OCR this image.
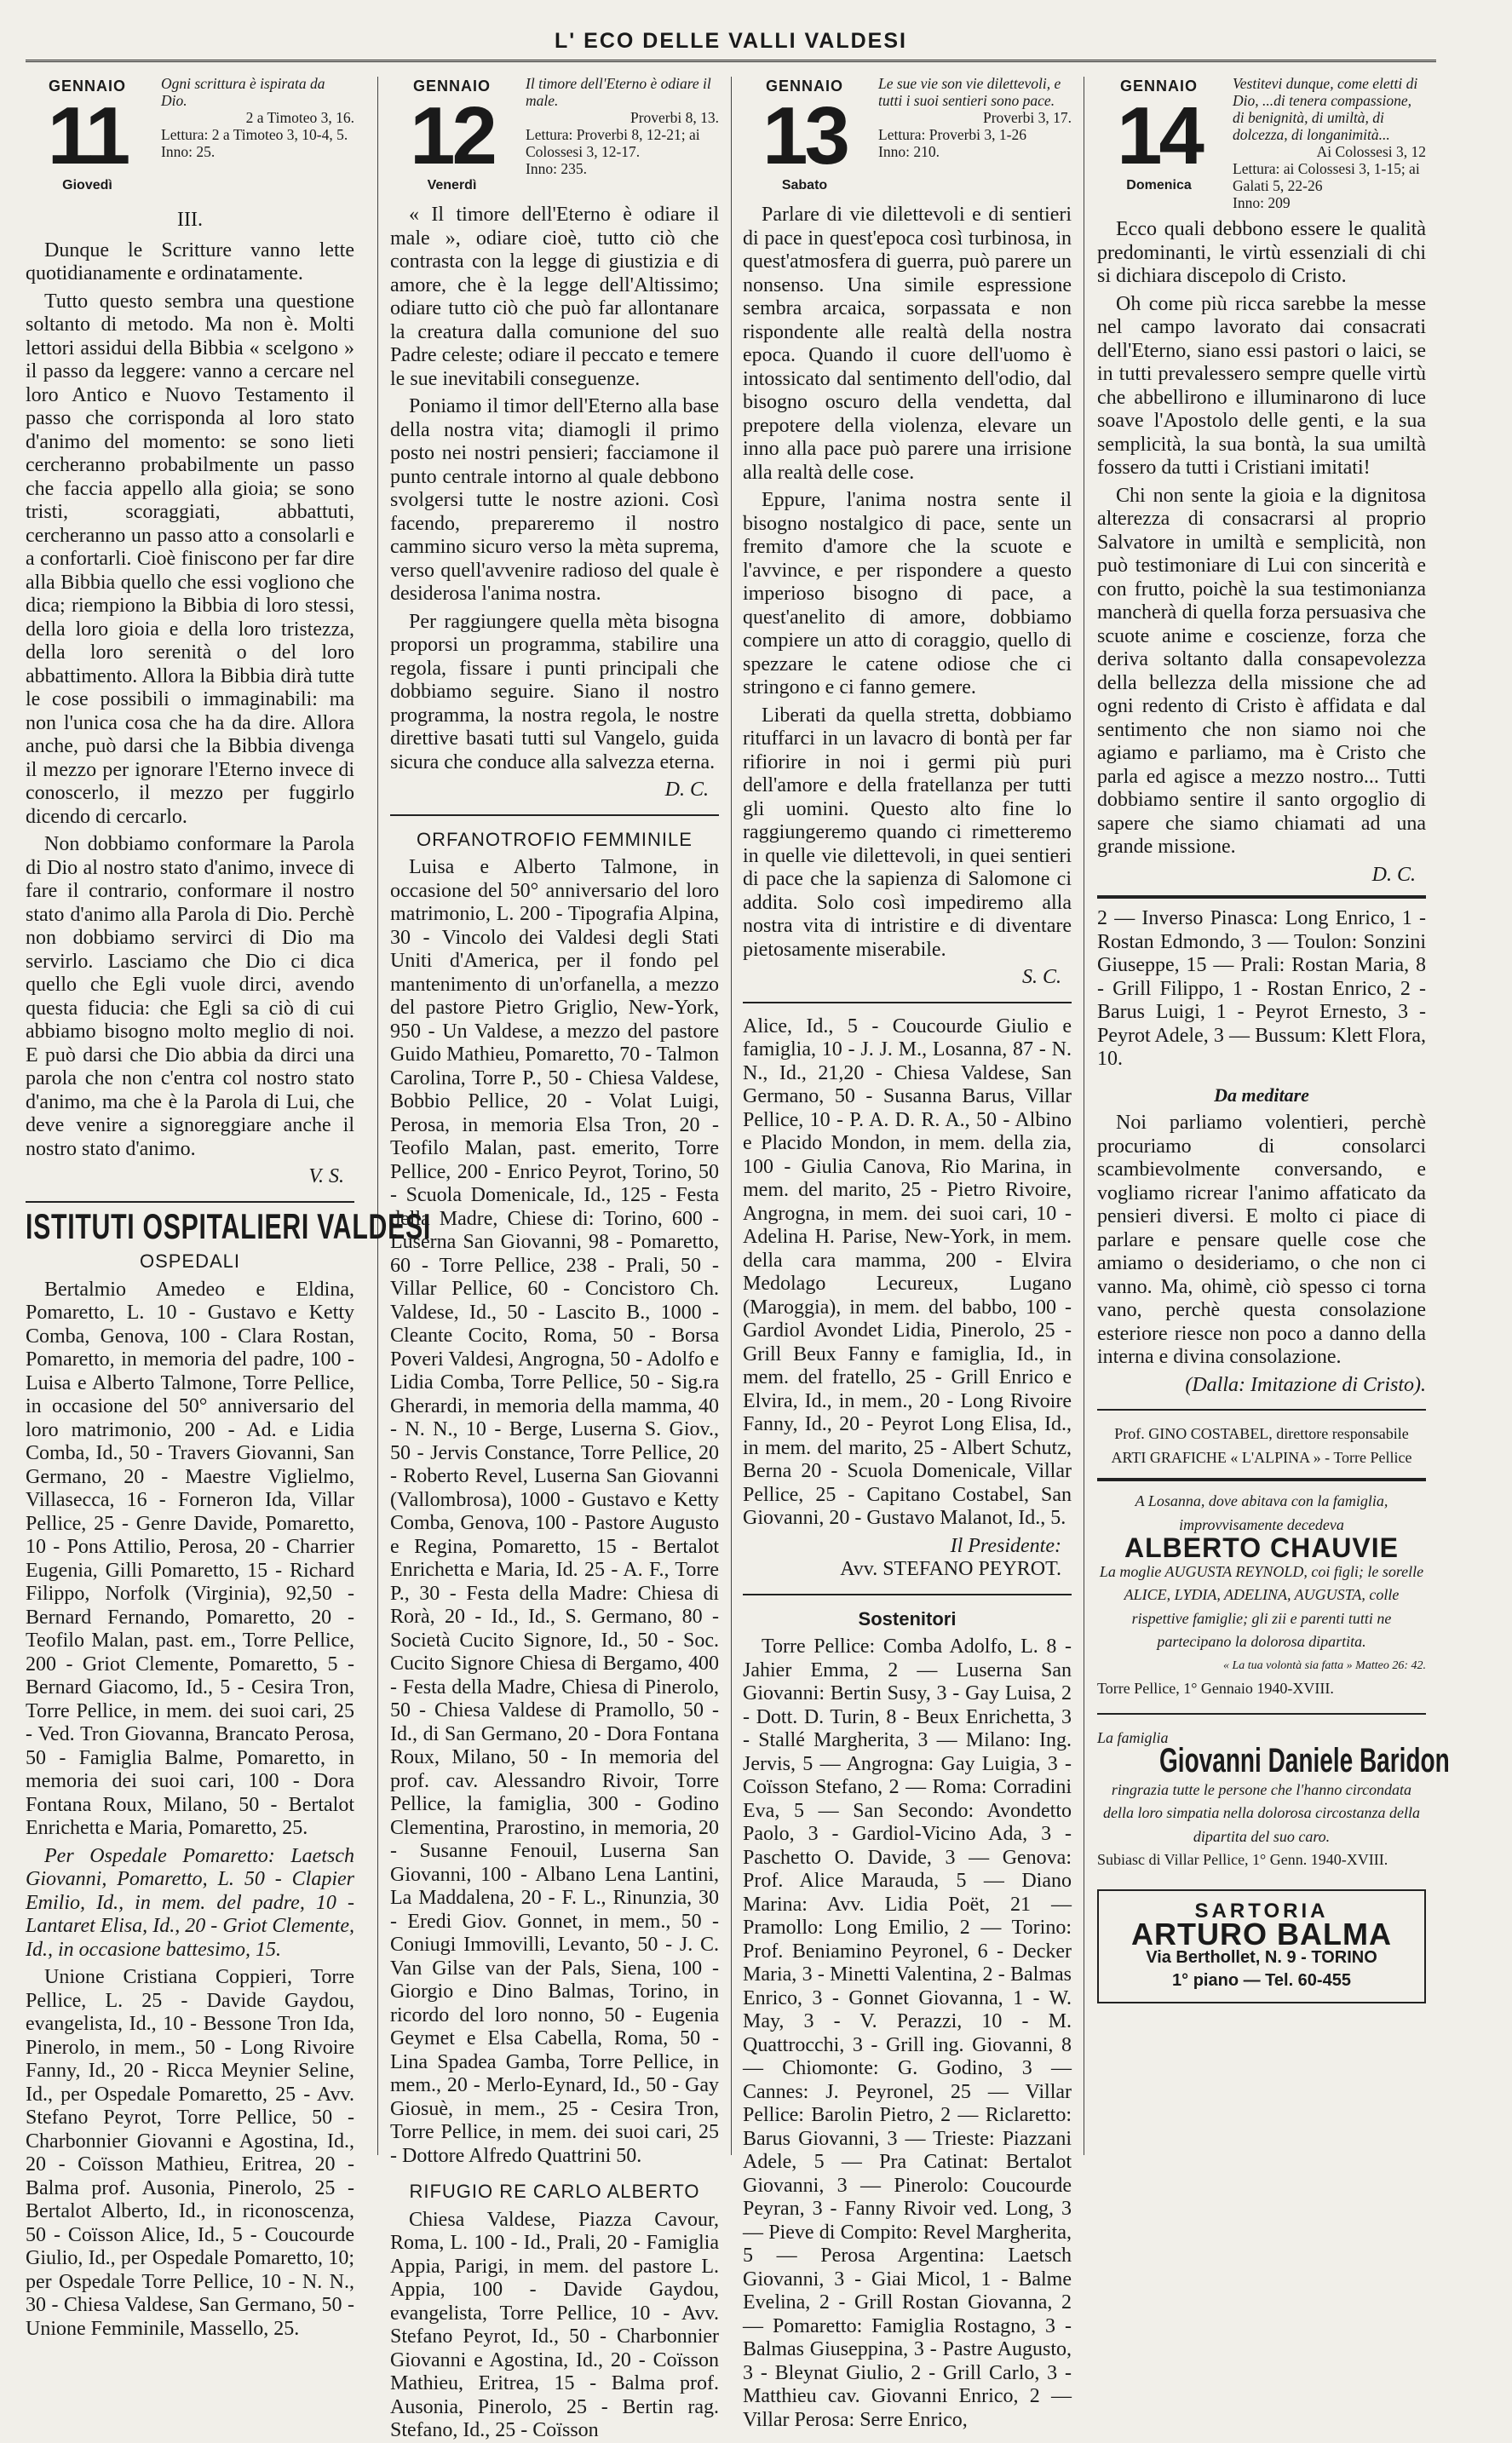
L' ECO DELLE VALLI VALDESI
GENNAIO
11
Giovedì
Ogni scrittura è ispirata da Dio.
2 a Timoteo 3, 16.
Lettura: 2 a Timoteo 3, 10-4, 5.
Inno: 25.
III.

Dunque le Scritture vanno lette quotidianamente e ordinatamente.

Tutto questo sembra una questione soltanto di metodo. Ma non è. Molti lettori assidui della Bibbia « scelgono » il passo da leggere: vanno a cercare nel loro Antico e Nuovo Testamento il passo che corrisponda al loro stato d'animo del momento: se sono lieti cercheranno probabilmente un passo che faccia appello alla gioia; se sono tristi, scoraggiati, abbattuti, cercheranno un passo atto a consolarli e a confortarli. Cioè finiscono per far dire alla Bibbia quello che essi vogliono che dica; riempiono la Bibbia di loro stessi, della loro gioia e della loro tristezza, della loro serenità o del loro abbattimento. Allora la Bibbia dirà tutte le cose possibili o immaginabili: ma non l'unica cosa che ha da dire. Allora anche, può darsi che la Bibbia divenga il mezzo per ignorare l'Eterno invece di conoscerlo, il mezzo per fuggirlo dicendo di cercarlo.

Non dobbiamo conformare la Parola di Dio al nostro stato d'animo, invece di fare il contrario, conformare il nostro stato d'animo alla Parola di Dio. Perchè non dobbiamo servirci di Dio ma servirlo. Lasciamo che Dio ci dica quello che Egli vuole dirci, avendo questa fiducia: che Egli sa ciò di cui abbiamo bisogno molto meglio di noi. E può darsi che Dio abbia da dirci una parola che non c'entra col nostro stato d'animo, ma che è la Parola di Lui, che deve venire a signoreggiare anche il nostro stato d'animo.

V. S.
ISTITUTI OSPITALIERI VALDESI
OSPEDALI

Bertalmio Amedeo e Eldina, Pomaretto, L. 10 - Gustavo e Ketty Comba, Genova, 100 - Clara Rostan, Pomaretto, in memoria del padre, 100 - Luisa e Alberto Talmone, Torre Pellice, in occasione del 50° anniversario del loro matrimonio, 200 - Ad. e Lidia Comba, Id., 50 - Travers Giovanni, San Germano, 20 - Maestre Viglielmo, Villasecca, 16 - Forneron Ida, Villar Pellice, 25 - Genre Davide, Pomaretto, 10 - Pons Attilio, Perosa, 20 - Charrier Eugenia, Gilli Pomaretto, 15 - Richard Filippo, Norfolk (Virginia), 92,50 - Bernard Fernando, Pomaretto, 20 - Teofilo Malan, past. em., Torre Pellice, 200 - Griot Clemente, Pomaretto, 5 - Bernard Giacomo, Id., 5 - Cesira Tron, Torre Pellice, in mem. dei suoi cari, 25 - Ved. Tron Giovanna, Brancato Perosa, 50 - Famiglia Balme, Pomaretto, in memoria dei suoi cari, 100 - Dora Fontana Roux, Milano, 50 - Bertalot Enrichetta e Maria, Pomaretto, 25.

Per Ospedale Pomaretto: Laetsch Giovanni, Pomaretto, L. 50 - Clapier Emilio, Id., in mem. del padre, 10 - Lantaret Elisa, Id., 20 - Griot Clemente, Id., in occasione battesimo, 15.

Unione Cristiana Coppieri, Torre Pellice, L. 25 - Davide Gaydou, evangelista, Id., 10 - Bessone Tron Ida, Pinerolo, in mem., 50 - Long Rivoire Fanny, Id., 20 - Ricca Meynier Seline, Id., per Ospedale Pomaretto, 25 - Avv. Stefano Peyrot, Torre Pellice, 50 - Charbonnier Giovanni e Agostina, Id., 20 - Coïsson Mathieu, Eritrea, 20 - Balma prof. Ausonia, Pinerolo, 25 - Bertalot Alberto, Id., in riconoscenza, 50 - Coïsson Alice, Id., 5 - Coucourde Giulio, Id., per Ospedale Pomaretto, 10; per Ospedale Torre Pellice, 10 - N. N., 30 - Chiesa Valdese, San Germano, 50 - Unione Femminile, Massello, 25.

GENNAIO
12
Venerdì
Il timore dell'Eterno è odiare il male.
Proverbi 8, 13.
Lettura: Proverbi 8, 12-21; ai Colossesi 3, 12-17.
Inno: 235.

« Il timore dell'Eterno è odiare il male », odiare cioè, tutto ciò che contrasta con la legge di giustizia e di amore, che è la legge dell'Altissimo; odiare tutto ciò che può far allontanare la creatura dalla comunione del suo Padre celeste; odiare il peccato e temere le sue inevitabili conseguenze.

Poniamo il timor dell'Eterno alla base della nostra vita; diamogli il primo posto nei nostri pensieri; facciamone il punto centrale intorno al quale debbono svolgersi tutte le nostre azioni. Così facendo, prepareremo il nostro cammino sicuro verso la mèta suprema, verso quell'avvenire radioso del quale è desiderosa l'anima nostra.

Per raggiungere quella mèta bisogna proporsi un programma, stabilire una regola, fissare i punti principali che dobbiamo seguire. Siano il nostro programma, la nostra regola, le nostre direttive basati tutti sul Vangelo, guida sicura che conduce alla salvezza eterna.

D. C.
ORFANOTROFIO FEMMINILE

Luisa e Alberto Talmone, in occasione del 50° anniversario del loro matrimonio, L. 200 - Tipografia Alpina, 30 - Vincolo dei Valdesi degli Stati Uniti d'America, per il fondo pel mantenimento di un'orfanella, a mezzo del pastore Pietro Griglio, New-York, 950 - Un Valdese, a mezzo del pastore Guido Mathieu, Pomaretto, 70 - Talmon Carolina, Torre P., 50 - Chiesa Valdese, Bobbio Pellice, 20 - Volat Luigi, Perosa, in memoria Elsa Tron, 20 - Teofilo Malan, past. emerito, Torre Pellice, 200 - Enrico Peyrot, Torino, 50 - Scuola Domenicale, Id., 125 - Festa della Madre, Chiese di: Torino, 600 - Luserna San Giovanni, 98 - Pomaretto, 60 - Torre Pellice, 238 - Prali, 50 - Villar Pellice, 60 - Concistoro Ch. Valdese, Id., 50 - Lascito B., 1000 - Cleante Cocito, Roma, 50 - Borsa Poveri Valdesi, Angrogna, 50 - Adolfo e Lidia Comba, Torre Pellice, 50 - Sig.ra Gherardi, in memoria della mamma, 40 - N. N., 10 - Berge, Luserna S. Giov., 50 - Jervis Constance, Torre Pellice, 20 - Roberto Revel, Luserna San Giovanni (Vallombrosa), 1000 - Gustavo e Ketty Comba, Genova, 100 - Pastore Augusto e Regina, Pomaretto, 15 - Bertalot Enrichetta e Maria, Id. 25 - A. F., Torre P., 30 - Festa della Madre: Chiesa di Rorà, 20 - Id., Id., S. Germano, 80 - Società Cucito Signore, Id., 50 - Soc. Cucito Signore Chiesa di Bergamo, 400 - Festa della Madre, Chiesa di Pinerolo, 50 - Chiesa Valdese di Pramollo, 50 - Id., di San Germano, 20 - Dora Fontana Roux, Milano, 50 - In memoria del prof. cav. Alessandro Rivoir, Torre Pellice, la famiglia, 300 - Godino Clementina, Prarostino, in memoria, 20 - Susanne Fenouil, Luserna San Giovanni, 100 - Albano Lena Lantini, La Maddalena, 20 - F. L., Rinunzia, 30 - Eredi Giov. Gonnet, in mem., 50 - Coniugi Immovilli, Levanto, 50 - J. C. Van Gilse van der Pals, Siena, 100 - Giorgio e Dino Balmas, Torino, in ricordo del loro nonno, 50 - Eugenia Geymet e Elsa Cabella, Roma, 50 - Lina Spadea Gamba, Torre Pellice, in mem., 20 - Merlo-Eynard, Id., 50 - Gay Giosuè, in mem., 25 - Cesira Tron, Torre Pellice, in mem. dei suoi cari, 25 - Dottore Alfredo Quattrini 50.

RIFUGIO RE CARLO ALBERTO

Chiesa Valdese, Piazza Cavour, Roma, L. 100 - Id., Prali, 20 - Famiglia Appia, Parigi, in mem. del pastore L. Appia, 100 - Davide Gaydou, evangelista, Torre Pellice, 10 - Avv. Stefano Peyrot, Id., 50 - Charbonnier Giovanni e Agostina, Id., 20 - Coïsson Mathieu, Eritrea, 15 - Balma prof. Ausonia, Pinerolo, 25 - Bertin rag. Stefano, Id., 25 - Coïsson

GENNAIO
13
Sabato
Le sue vie son vie dilettevoli, e tutti i suoi sentieri sono pace.
Proverbi 3, 17.
Lettura: Proverbi 3, 1-26
Inno: 210.

Parlare di vie dilettevoli e di sentieri di pace in quest'epoca così turbinosa, in quest'atmosfera di guerra, può parere un nonsenso. Una simile espressione sembra arcaica, sorpassata e non rispondente alle realtà della nostra epoca. Quando il cuore dell'uomo è intossicato dal sentimento dell'odio, dal bisogno oscuro della vendetta, dal prepotere della violenza, elevare un inno alla pace può parere una irrisione alla realtà delle cose.

Eppure, l'anima nostra sente il bisogno nostalgico di pace, sente un fremito d'amore che la scuote e l'avvince, e per rispondere a questo imperioso bisogno di pace, a quest'anelito di amore, dobbiamo compiere un atto di coraggio, quello di spezzare le catene odiose che ci stringono e ci fanno gemere.

Liberati da quella stretta, dobbiamo rituffarci in un lavacro di bontà per far rifiorire in noi i germi più puri dell'amore e della fratellanza per tutti gli uomini. Questo alto fine lo raggiungeremo quando ci rimetteremo in quelle vie dilettevoli, in quei sentieri di pace che la sapienza di Salomone ci addita. Solo così impediremo alla nostra vita di intristire e di diventare pietosamente miserabile.

S. C.

Alice, Id., 5 - Coucourde Giulio e famiglia, 10 - J. J. M., Losanna, 87 - N. N., Id., 21,20 - Chiesa Valdese, San Germano, 50 - Susanna Barus, Villar Pellice, 10 - P. A. D. R. A., 50 - Albino e Placido Mondon, in mem. della zia, 100 - Giulia Canova, Rio Marina, in mem. del marito, 25 - Pietro Rivoire, Angrogna, in mem. dei suoi cari, 10 - Adelina H. Parise, New-York, in mem. della cara mamma, 200 - Elvira Medolago Lecureux, Lugano (Maroggia), in mem. del babbo, 100 - Gardiol Avondet Lidia, Pinerolo, 25 - Grill Beux Fanny e famiglia, Id., in mem. del fratello, 25 - Grill Enrico e Elvira, Id., in mem., 20 - Long Rivoire Fanny, Id., 20 - Peyrot Long Elisa, Id., in mem. del marito, 25 - Albert Schutz, Berna 20 - Scuola Domenicale, Villar Pellice, 25 - Capitano Costabel, San Giovanni, 20 - Gustavo Malanot, Id., 5.

Il Presidente:
Avv. STEFANO PEYROT.
Sostenitori

Torre Pellice: Comba Adolfo, L. 8 - Jahier Emma, 2 — Luserna San Giovanni: Bertin Susy, 3 - Gay Luisa, 2 - Dott. D. Turin, 8 - Beux Enrichetta, 3 - Stallé Margherita, 3 — Milano: Ing. Jervis, 5 — Angrogna: Gay Luigia, 3 - Coïsson Stefano, 2 — Roma: Corradini Eva, 5 — San Secondo: Avondetto Paolo, 3 - Gardiol-Vicino Ada, 3 - Paschetto O. Davide, 3 — Genova: Prof. Alice Marauda, 5 — Diano Marina: Avv. Lidia Poët, 21 — Pramollo: Long Emilio, 2 — Torino: Prof. Beniamino Peyronel, 6 - Decker Maria, 3 - Minetti Valentina, 2 - Balmas Enrico, 3 - Gonnet Giovanna, 1 - W. May, 3 - V. Perazzi, 10 - M. Quattrocchi, 3 - Grill ing. Giovanni, 8 — Chiomonte: G. Godino, 3 — Cannes: J. Peyronel, 25 — Villar Pellice: Barolin Pietro, 2 — Riclaretto: Barus Giovanni, 3 — Trieste: Piazzani Adele, 5 — Pra Catinat: Bertalot Giovanni, 3 — Pinerolo: Coucourde Peyran, 3 - Fanny Rivoir ved. Long, 3 — Pieve di Compito: Revel Margherita, 5 — Perosa Argentina: Laetsch Giovanni, 3 - Giai Micol, 1 - Balme Evelina, 2 - Grill Rostan Giovanna, 2 — Pomaretto: Famiglia Rostagno, 3 - Balmas Giuseppina, 3 - Pastre Augusto, 3 - Bleynat Giulio, 2 - Grill Carlo, 3 - Matthieu cav. Giovanni Enrico, 2 — Villar Perosa: Serre Enrico,

GENNAIO
14
Domenica
Vestitevi dunque, come eletti di Dio, ...di tenera compassione, di benignità, di umiltà, di dolcezza, di longanimità...
Ai Colossesi 3, 12
Lettura: ai Colossesi 3, 1-15; ai Galati 5, 22-26
Inno: 209

Ecco quali debbono essere le qualità predominanti, le virtù essenziali di chi si dichiara discepolo di Cristo.

Oh come più ricca sarebbe la messe nel campo lavorato dai consacrati dell'Eterno, siano essi pastori o laici, se in tutti prevalessero sempre quelle virtù che abbellirono e illuminarono di luce soave l'Apostolo delle genti, e la sua semplicità, la sua bontà, la sua umiltà fossero da tutti i Cristiani imitati!

Chi non sente la gioia e la dignitosa alterezza di consacrarsi al proprio Salvatore in umiltà e semplicità, non può testimoniare di Lui con sincerità e con frutto, poichè la sua testimonianza mancherà di quella forza persuasiva che scuote anime e coscienze, forza che deriva soltanto dalla consapevolezza della bellezza della missione che ad ogni redento di Cristo è affidata e dal sentimento che non siamo noi che agiamo e parliamo, ma è Cristo che parla ed agisce a mezzo nostro... Tutti dobbiamo sentire il santo orgoglio di sapere che siamo chiamati ad una grande missione.

D. C.

2 — Inverso Pinasca: Long Enrico, 1 - Rostan Edmondo, 3 — Toulon: Sonzini Giuseppe, 15 — Prali: Rostan Maria, 8 - Grill Filippo, 1 - Rostan Enrico, 2 - Barus Luigi, 1 - Peyrot Ernesto, 3 - Peyrot Adele, 3 — Bussum: Klett Flora, 10.

Da meditare

Noi parliamo volentieri, perchè procuriamo di consolarci scambievolmente conversando, e vogliamo ricrear l'animo affaticato da pensieri diversi. E molto ci piace di parlare e pensare quelle cose che amiamo o desideriamo, o che non ci vanno. Ma, ohimè, ciò spesso ci torna vano, perchè questa consolazione esteriore riesce non poco a danno della interna e divina consolazione.

(Dalla: Imitazione di Cristo).
Prof. GINO COSTABEL, direttore responsabile
ARTI GRAFICHE « L'ALPINA » - Torre Pellice
A Losanna, dove abitava con la famiglia, improvvisamente decedeva
ALBERTO CHAUVIE
La moglie AUGUSTA REYNOLD, coi figli; le sorelle ALICE, LYDIA, ADELINA, AUGUSTA, colle rispettive famiglie; gli zii e parenti tutti ne partecipano la dolorosa dipartita.
« La tua volontà sia fatta » Matteo 26: 42.
Torre Pellice, 1° Gennaio 1940-XVIII.
La famiglia
Giovanni Daniele Baridon
ringrazia tutte le persone che l'hanno circondata della loro simpatia nella dolorosa circostanza della dipartita del suo caro.
Subiasc di Villar Pellice, 1° Genn. 1940-XVIII.
SARTORIA
ARTURO BALMA
Via Berthollet, N. 9 - TORINO
1° piano — Tel. 60-455
